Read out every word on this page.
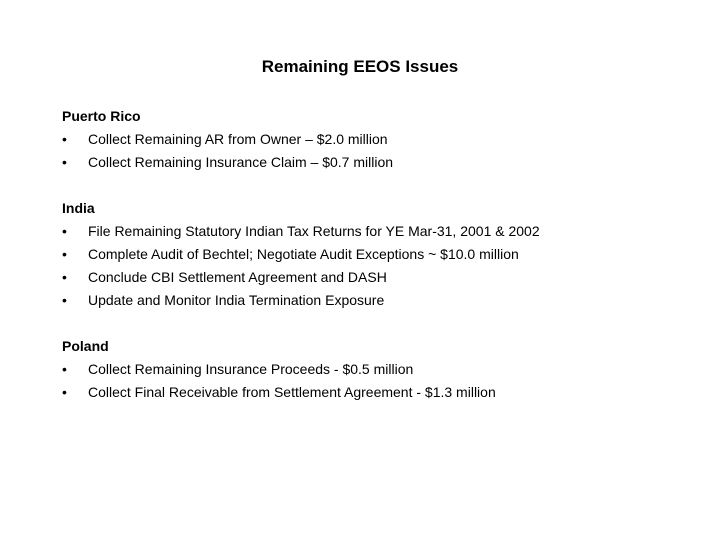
Remaining EEOS Issues
Puerto Rico
•	Collect Remaining AR from Owner – $2.0 million
•	Collect Remaining Insurance Claim – $0.7 million
India
•	File Remaining Statutory Indian Tax Returns for YE Mar-31, 2001 & 2002
•	Complete Audit of Bechtel; Negotiate Audit Exceptions ~ $10.0 million
•	Conclude CBI Settlement Agreement and DASH
•	Update and Monitor India Termination Exposure
Poland
•	Collect Remaining Insurance Proceeds - $0.5 million
•	Collect Final Receivable from Settlement Agreement - $1.3 million
